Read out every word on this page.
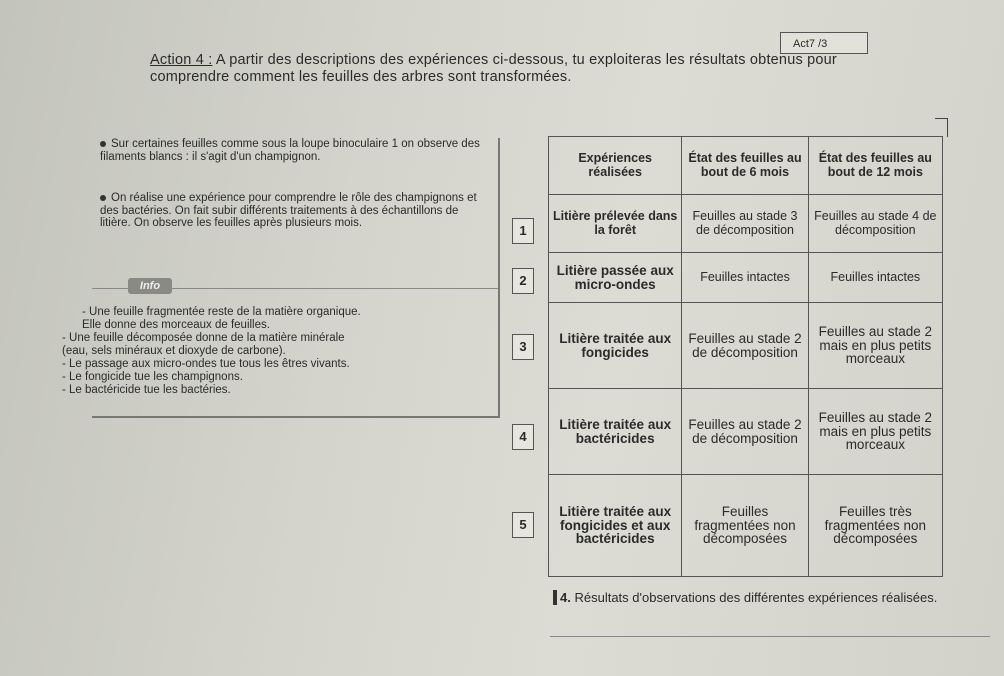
Act7 /3
Action 4 : A partir des descriptions des expériences ci-dessous, tu exploiteras les résultats obtenus pour comprendre comment les feuilles des arbres sont transformées.
Sur certaines feuilles comme sous la loupe binoculaire 1 on observe des filaments blancs : il s'agit d'un champignon.
On réalise une expérience pour comprendre le rôle des champignons et des bactéries. On fait subir différents traitements à des échantillons de litière. On observe les feuilles après plusieurs mois.
Info
- Une feuille fragmentée reste de la matière organique. Elle donne des morceaux de feuilles.
- Une feuille décomposée donne de la matière minérale (eau, sels minéraux et dioxyde de carbone).
- Le passage aux micro-ondes tue tous les êtres vivants.
- Le fongicide tue les champignons.
- Le bactéricide tue les bactéries.
1
2
3
4
5
Expériences réalisées	État des feuilles au bout de 6 mois	État des feuilles au bout de 12 mois
Litière prélevée dans la forêt	Feuilles au stade 3 de décomposition	Feuilles au stade 4 de décomposition
Litière passée aux micro-ondes	Feuilles intactes	Feuilles intactes
Litière traitée aux fongicides	Feuilles au stade 2 de décomposition	Feuilles au stade 2 mais en plus petits morceaux
Litière traitée aux bactéricides	Feuilles au stade 2 de décomposition	Feuilles au stade 2 mais en plus petits morceaux
Litière traitée aux fongicides et aux bactéricides	Feuilles fragmentées non décomposées	Feuilles très fragmentées non décomposées
4. Résultats d'observations des différentes expériences réalisées.
